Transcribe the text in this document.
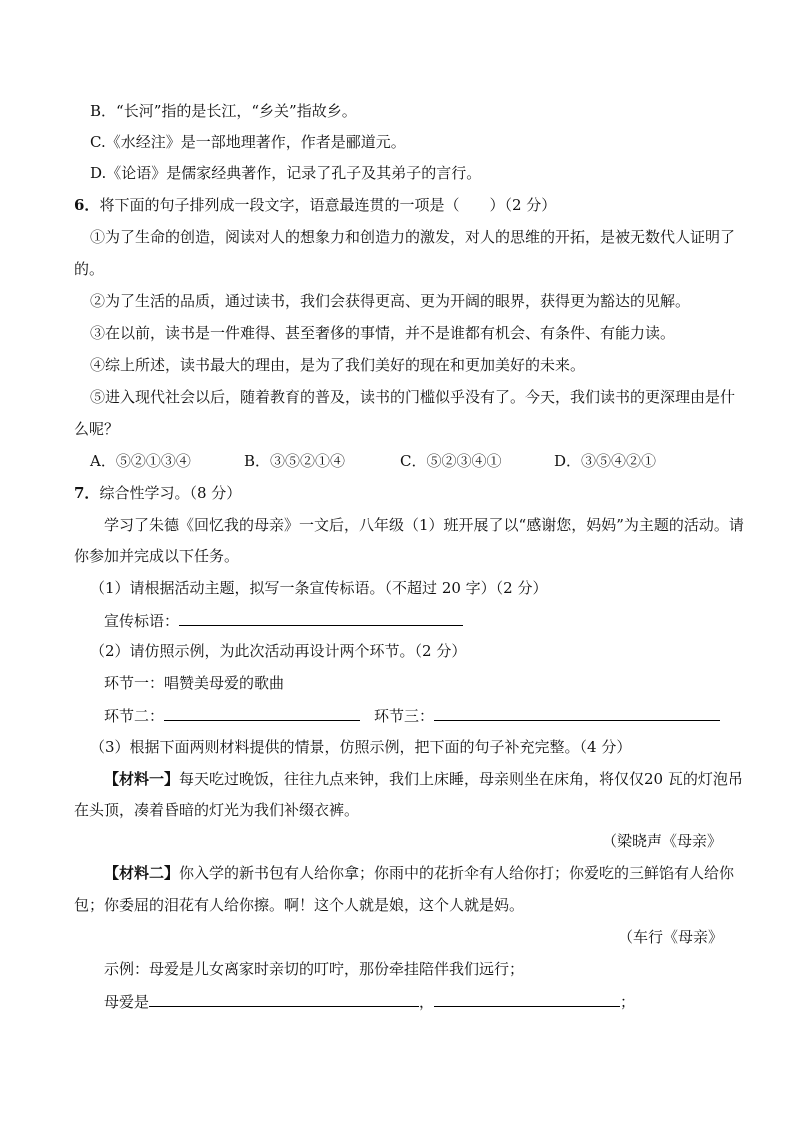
B．“长河”指的是长江，“乡关”指故乡。
C.《水经注》是一部地理著作，作者是郦道元。
D.《论语》是儒家经典著作，记录了孔子及其弟子的言行。
6．将下面的句子排列成一段文字，语意最连贯的一项是（　　）（2 分）
①为了生命的创造，阅读对人的想象力和创造力的激发，对人的思维的开拓，是被无数代人证明了
的。
②为了生活的品质，通过读书，我们会获得更高、更为开阔的眼界，获得更为豁达的见解。
③在以前，读书是一件难得、甚至奢侈的事情，并不是谁都有机会、有条件、有能力读。
④综上所述，读书最大的理由，是为了我们美好的现在和更加美好的未来。
⑤进入现代社会以后，随着教育的普及，读书的门槛似乎没有了。今天，我们读书的更深理由是什
么呢？
A．⑤②①③④	B．③⑤②①④	C．⑤②③④①	D．③⑤④②①
7．综合性学习。（8 分）
学习了朱德《回忆我的母亲》一文后，八年级（1）班开展了以“感谢您，妈妈”为主题的活动。请
你参加并完成以下任务。
（1）请根据活动主题，拟写一条宣传标语。（不超过 20 字）（2 分）
宣传标语：
（2）请仿照示例，为此次活动再设计两个环节。（2 分）
环节一：唱赞美母爱的歌曲
环节二：	环节三：
（3）根据下面两则材料提供的情景，仿照示例，把下面的句子补充完整。（4 分）
【材料一】每天吃过晚饭，往往九点来钟，我们上床睡，母亲则坐在床角，将仅仅20 瓦的灯泡吊
在头顶，凑着昏暗的灯光为我们补缀衣裤。
（梁晓声《母亲》
【材料二】你入学的新书包有人给你拿；你雨中的花折伞有人给你打；你爱吃的三鲜馅有人给你
包；你委屈的泪花有人给你擦。啊！这个人就是娘，这个人就是妈。
（车行《母亲》
示例：母爱是儿女离家时亲切的叮咛，那份牵挂陪伴我们远行；
母爱是	，	；
